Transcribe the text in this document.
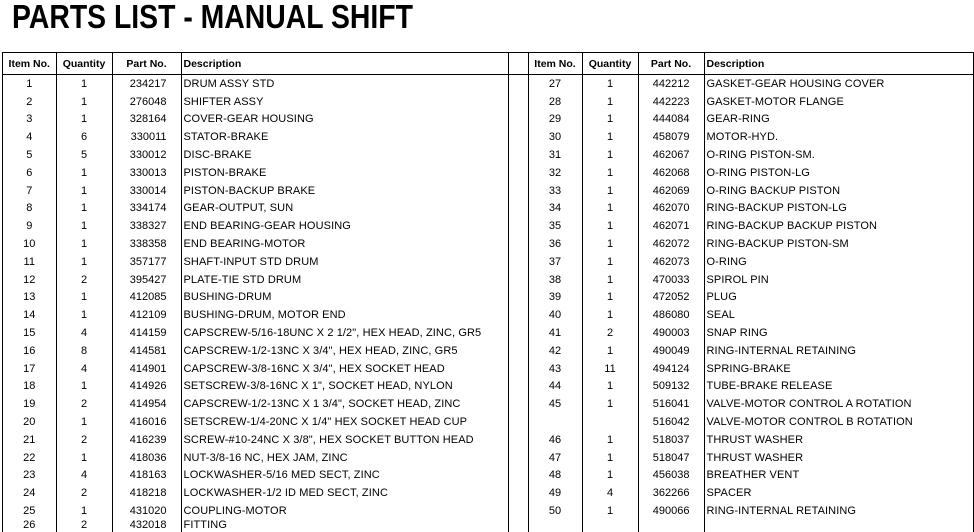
PARTS LIST - MANUAL SHIFT
Item No.	Quantity	Part No.	Description		Item No.	Quantity	Part No.	Description
1	1	234217	DRUM ASSY STD		27	1	442212	GASKET-GEAR HOUSING COVER
2	1	276048	SHIFTER ASSY		28	1	442223	GASKET-MOTOR FLANGE
3	1	328164	COVER-GEAR HOUSING		29	1	444084	GEAR-RING
4	6	330011	STATOR-BRAKE		30	1	458079	MOTOR-HYD.
5	5	330012	DISC-BRAKE		31	1	462067	O-RING PISTON-SM.
6	1	330013	PISTON-BRAKE		32	1	462068	O-RING PISTON-LG
7	1	330014	PISTON-BACKUP BRAKE		33	1	462069	O-RING BACKUP PISTON
8	1	334174	GEAR-OUTPUT, SUN		34	1	462070	RING-BACKUP PISTON-LG
9	1	338327	END BEARING-GEAR HOUSING		35	1	462071	RING-BACKUP BACKUP PISTON
10	1	338358	END BEARING-MOTOR		36	1	462072	RING-BACKUP PISTON-SM
11	1	357177	SHAFT-INPUT STD DRUM		37	1	462073	O-RING
12	2	395427	PLATE-TIE STD DRUM		38	1	470033	SPIROL PIN
13	1	412085	BUSHING-DRUM		39	1	472052	PLUG
14	1	412109	BUSHING-DRUM, MOTOR END		40	1	486080	SEAL
15	4	414159	CAPSCREW-5/16-18UNC X 2 1/2", HEX HEAD, ZINC, GR5		41	2	490003	SNAP RING
16	8	414581	CAPSCREW-1/2-13NC X 3/4", HEX HEAD, ZINC, GR5		42	1	490049	RING-INTERNAL RETAINING
17	4	414901	CAPSCREW-3/8-16NC X 3/4", HEX SOCKET HEAD		43	11	494124	SPRING-BRAKE
18	1	414926	SETSCREW-3/8-16NC X 1", SOCKET HEAD, NYLON		44	1	509132	TUBE-BRAKE RELEASE
19	2	414954	CAPSCREW-1/2-13NC X 1 3/4", SOCKET HEAD, ZINC		45	1	516041	VALVE-MOTOR CONTROL A ROTATION
20	1	416016	SETSCREW-1/4-20NC X 1/4" HEX SOCKET HEAD CUP				516042	VALVE-MOTOR CONTROL B ROTATION
21	2	416239	SCREW-#10-24NC X 3/8", HEX SOCKET BUTTON HEAD		46	1	518037	THRUST WASHER
22	1	418036	NUT-3/8-16 NC, HEX JAM, ZINC		47	1	518047	THRUST WASHER
23	4	418163	LOCKWASHER-5/16 MED SECT, ZINC		48	1	456038	BREATHER VENT
24	2	418218	LOCKWASHER-1/2 ID MED SECT, ZINC		49	4	362266	SPACER
25	1	431020	COUPLING-MOTOR		50	1	490066	RING-INTERNAL RETAINING
26	2	432018	FITTING					
